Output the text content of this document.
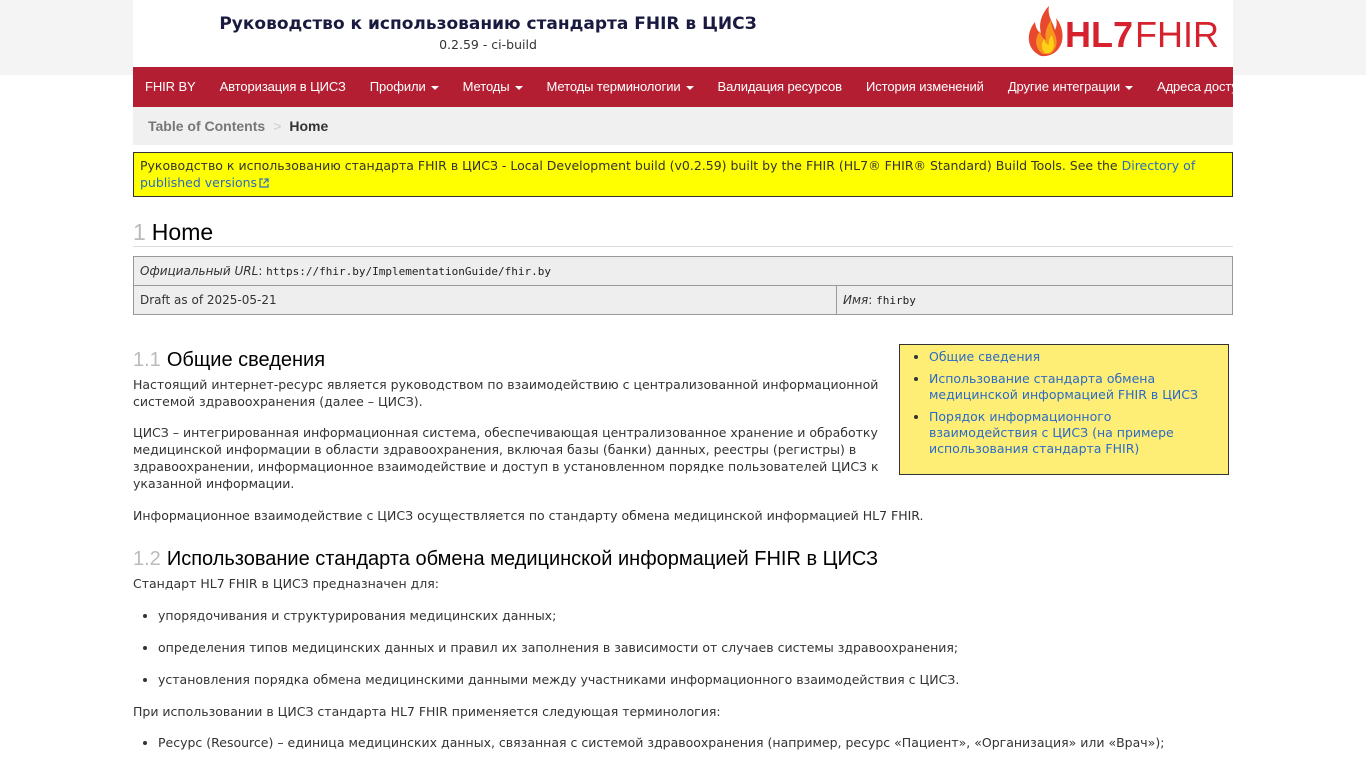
Руководство к использованию стандарта FHIR в ЦИСЗ
0.2.59 - ci-build	HL7 FHIR
FHIR BY	Авторизация в ЦИСЗ	Профили	Методы	Методы терминологии	Валидация ресурсов	История изменений	Другие интеграции	Адреса доступа
Table of Contents > Home
Руководство к использованию стандарта FHIR в ЦИСЗ - Local Development build (v0.2.59) built by the FHIR (HL7® FHIR® Standard) Build Tools. See the Directory of published versions
1 Home
Официальный URL: https://fhir.by/ImplementationGuide/fhir.by
Draft as of 2025-05-21	Имя: fhirby
• Общие сведения
• Использование стандарта обмена медицинской информацией FHIR в ЦИСЗ
• Порядок информационного взаимодействия с ЦИСЗ (на примере использования стандарта FHIR)
1.1 Общие сведения

Настоящий интернет-ресурс является руководством по взаимодействию с централизованной информационной системой здравоохранения (далее – ЦИСЗ).

ЦИСЗ – интегрированная информационная система, обеспечивающая централизованное хранение и обработку медицинской информации в области здравоохранения, включая базы (банки) данных, реестры (регистры) в здравоохранении, информационное взаимодействие и доступ в установленном порядке пользователей ЦИСЗ к указанной информации.

Информационное взаимодействие с ЦИСЗ осуществляется по стандарту обмена медицинской информацией HL7 FHIR.

1.2 Использование стандарта обмена медицинской информацией FHIR в ЦИСЗ

Стандарт HL7 FHIR в ЦИСЗ предназначен для:

• упорядочивания и структурирования медицинских данных;
• определения типов медицинских данных и правил их заполнения в зависимости от случаев системы здравоохранения;
• установления порядка обмена медицинскими данными между участниками информационного взаимодействия с ЦИСЗ.

При использовании в ЦИСЗ стандарта HL7 FHIR применяется следующая терминология:

• Ресурс (Resource) – единица медицинских данных, связанная с системой здравоохранения (например, ресурс «Пациент», «Организация» или «Врач»);
